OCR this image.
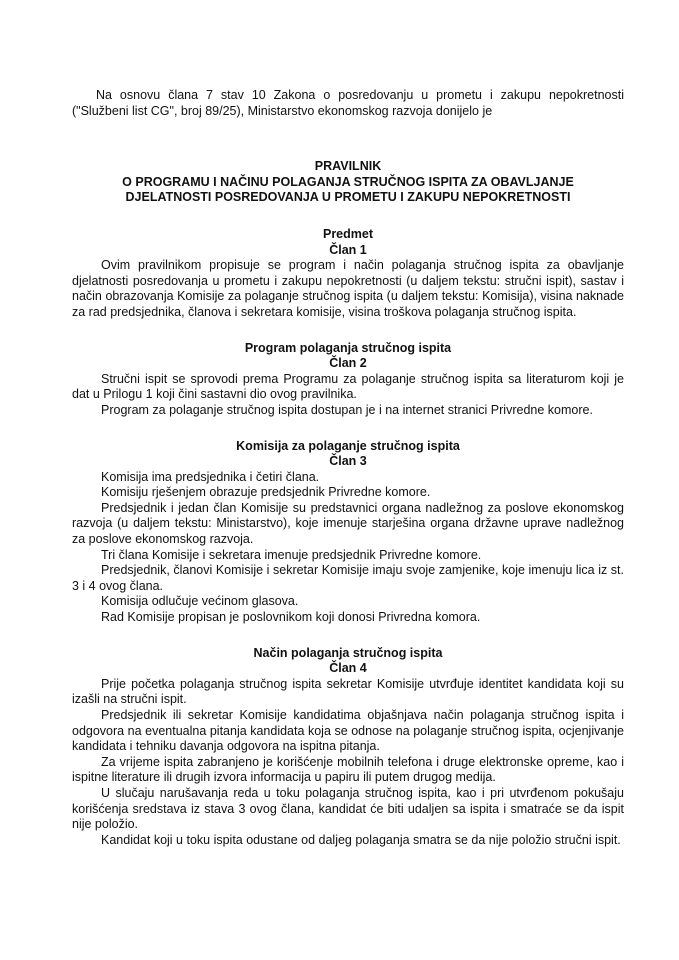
Na osnovu člana 7 stav 10 Zakona o posredovanju u prometu i zakupu nepokretnosti ("Službeni list CG", broj 89/25), Ministarstvo ekonomskog razvoja donijelo je

PRAVILNIK
O PROGRAMU I NAČINU POLAGANJA STRUČNOG ISPITA ZA OBAVLJANJE
DJELATNOSTI POSREDOVANJA U PROMETU I ZAKUPU NEPOKRETNOSTI
Predmet
Član 1

Ovim pravilnikom propisuje se program i način polaganja stručnog ispita za obavljanje djelatnosti posredovanja u prometu i zakupu nepokretnosti (u daljem tekstu: stručni ispit), sastav i način obrazovanja Komisije za polaganje stručnog ispita (u daljem tekstu: Komisija), visina naknade za rad predsjednika, članova i sekretara komisije, visina troškova polaganja stručnog ispita.

Program polaganja stručnog ispita
Član 2

Stručni ispit se sprovodi prema Programu za polaganje stručnog ispita sa literaturom koji je dat u Prilogu 1 koji čini sastavni dio ovog pravilnika.

Program za polaganje stručnog ispita dostupan je i na internet stranici Privredne komore.

Komisija za polaganje stručnog ispita
Član 3

Komisija ima predsjednika i četiri člana.

Komisiju rješenjem obrazuje predsjednik Privredne komore.

Predsjednik i jedan član Komisije su predstavnici organa nadležnog za poslove ekonomskog razvoja (u daljem tekstu: Ministarstvo), koje imenuje starješina organa državne uprave nadležnog za poslove ekonomskog razvoja.

Tri člana Komisije i sekretara imenuje predsjednik Privredne komore.

Predsjednik, članovi Komisije i sekretar Komisije imaju svoje zamjenike, koje imenuju lica iz st. 3 i 4 ovog člana.

Komisija odlučuje većinom glasova.

Rad Komisije propisan je poslovnikom koji donosi Privredna komora.

Način polaganja stručnog ispita
Član 4

Prije početka polaganja stručnog ispita sekretar Komisije utvrđuje identitet kandidata koji su izašli na stručni ispit.

Predsjednik ili sekretar Komisije kandidatima objašnjava način polaganja stručnog ispita i odgovora na eventualna pitanja kandidata koja se odnose na polaganje stručnog ispita, ocjenjivanje kandidata i tehniku davanja odgovora na ispitna pitanja.

Za vrijeme ispita zabranjeno je korišćenje mobilnih telefona i druge elektronske opreme, kao i ispitne literature ili drugih izvora informacija u papiru ili putem drugog medija.

U slučaju narušavanja reda u toku polaganja stručnog ispita, kao i pri utvrđenom pokušaju korišćenja sredstava iz stava 3 ovog člana, kandidat će biti udaljen sa ispita i smatraće se da ispit nije položio.

Kandidat koji u toku ispita odustane od daljeg polaganja smatra se da nije položio stručni ispit.
